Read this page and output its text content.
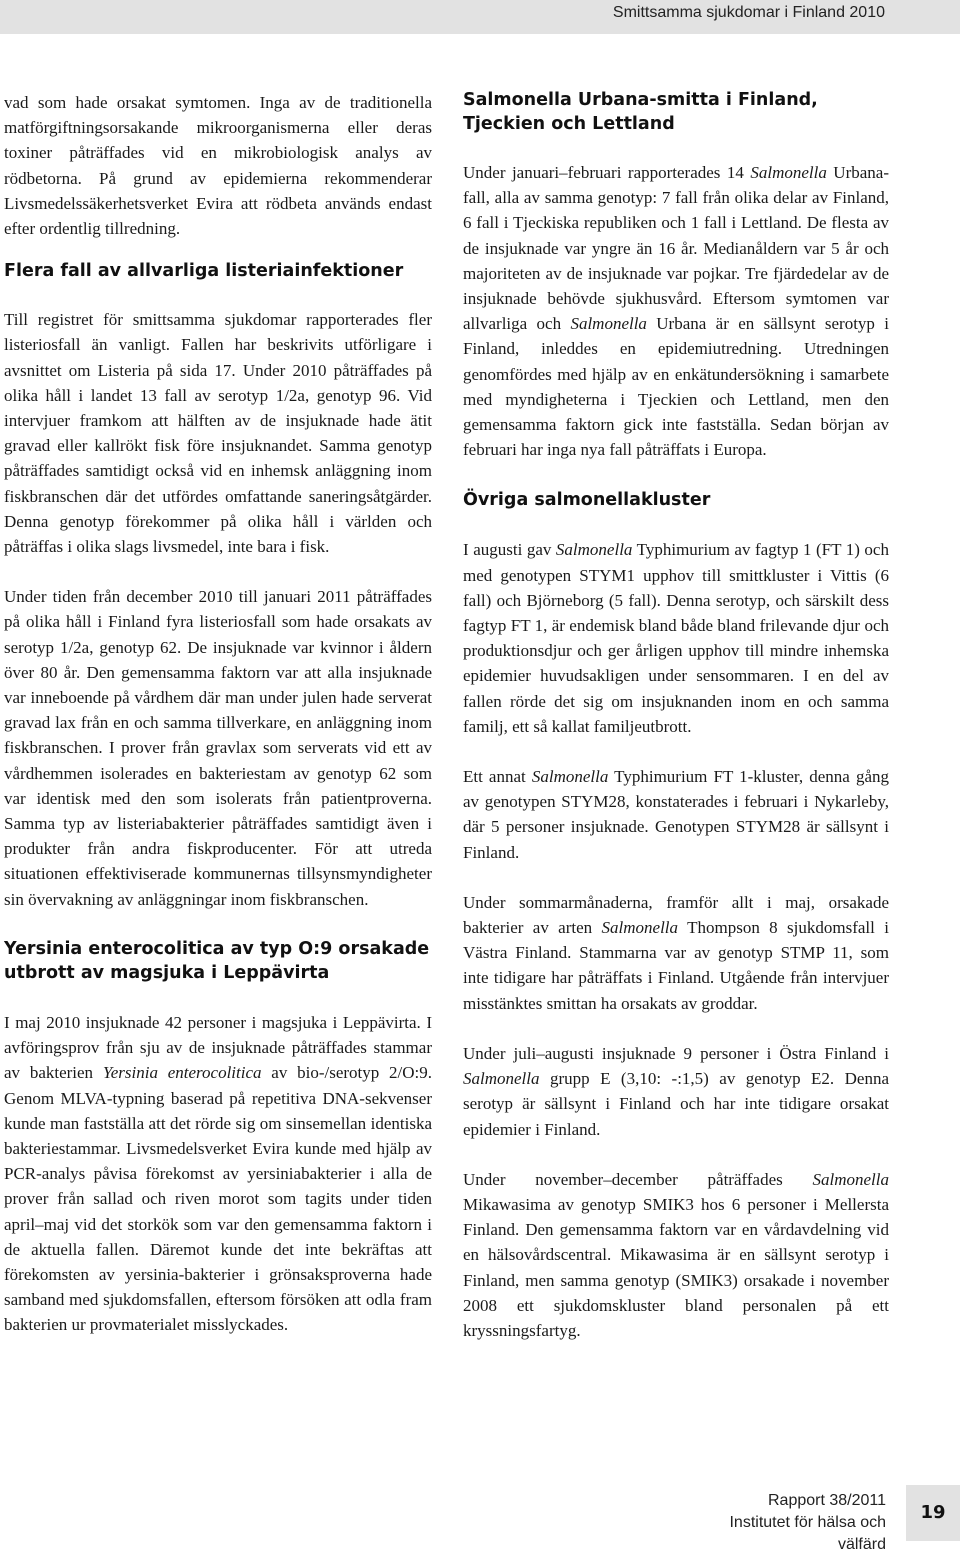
Smittsamma sjukdomar i Finland 2010

vad som hade orsakat symtomen. Inga av de traditionella matförgiftningsorsakande mikroorganismerna eller deras toxiner påträffades vid en mikrobiologisk analys av rödbetorna. På grund av epidemierna rekommenderar Livsmedelssäkerhetsverket Evira att rödbeta används endast efter ordentlig tillredning.

Flera fall av allvarliga listeriainfektioner

Till registret för smittsamma sjukdomar rapporterades fler listeriosfall än vanligt. Fallen har beskrivits utförligare i avsnittet om Listeria på sida 17. Under 2010 påträffades på olika håll i landet 13 fall av serotyp 1/2a, genotyp 96. Vid intervjuer framkom att hälften av de insjuknade hade ätit gravad eller kallrökt fisk före insjuknandet. Samma genotyp påträffades samtidigt också vid en inhemsk anläggning inom fiskbranschen där det utfördes omfattande saneringsåtgärder. Denna genotyp förekommer på olika håll i världen och påträffas i olika slags livsmedel, inte bara i fisk.

Under tiden från december 2010 till januari 2011 påträffades på olika håll i Finland fyra listeriosfall som hade orsakats av serotyp 1/2a, genotyp 62. De insjuknade var kvinnor i åldern över 80 år. Den gemensamma faktorn var att alla insjuknade var inneboende på vårdhem där man under julen hade serverat gravad lax från en och samma tillverkare, en anläggning inom fiskbranschen. I prover från gravlax som serverats vid ett av vårdhemmen isolerades en bakteriestam av genotyp 62 som var identisk med den som isolerats från patientproverna. Samma typ av listeriabakterier påträffades samtidigt även i produkter från andra fiskproducenter. För att utreda situationen effektiviserade kommunernas tillsynsmyndigheter sin övervakning av anläggningar inom fiskbranschen.

Yersinia enterocolitica av typ O:9 orsakade utbrott av magsjuka i Leppävirta

I maj 2010 insjuknade 42 personer i magsjuka i Leppävirta. I avföringsprov från sju av de insjuknade påträffades stammar av bakterien Yersinia enterocolitica av bio-/serotyp 2/O:9. Genom MLVA-typning baserad på repetitiva DNA-sekvenser kunde man fastställa att det rörde sig om sinsemellan identiska bakteriestammar. Livsmedelsverket Evira kunde med hjälp av PCR-analys påvisa förekomst av yersiniabakterier i alla de prover från sallad och riven morot som tagits under tiden april–maj vid det storkök som var den gemensamma faktorn i de aktuella fallen. Däremot kunde det inte bekräftas att förekomsten av yersinia-bakterier i grönsaksproverna hade samband med sjukdomsfallen, eftersom försöken att odla fram bakterien ur provmaterialet misslyckades.

Salmonella Urbana-smitta i Finland, Tjeckien och Lettland

Under januari–februari rapporterades 14 Salmonella Urbana-fall, alla av samma genotyp: 7 fall från olika delar av Finland, 6 fall i Tjeckiska republiken och 1 fall i Lettland. De flesta av de insjuknade var yngre än 16 år. Medianåldern var 5 år och majoriteten av de insjuknade var pojkar. Tre fjärdedelar av de insjuknade behövde sjukhusvård. Eftersom symtomen var allvarliga och Salmonella Urbana är en sällsynt serotyp i Finland, inleddes en epidemiutredning. Utredningen genomfördes med hjälp av en enkätundersökning i samarbete med myndigheterna i Tjeckien och Lettland, men den gemensamma faktorn gick inte fastställa. Sedan början av februari har inga nya fall påträffats i Europa.

Övriga salmonellakluster

I augusti gav Salmonella Typhimurium av fagtyp 1 (FT 1) och med genotypen STYM1 upphov till smittkluster i Vittis (6 fall) och Björneborg (5 fall). Denna serotyp, och särskilt dess fagtyp FT 1, är endemisk bland både bland frilevande djur och produktionsdjur och ger årligen upphov till mindre inhemska epidemier huvudsakligen under sensommaren. I en del av fallen rörde det sig om insjuknanden inom en och samma familj, ett så kallat familjeutbrott.

Ett annat Salmonella Typhimurium FT 1-kluster, denna gång av genotypen STYM28, konstaterades i februari i Nykarleby, där 5 personer insjuknade. Genotypen STYM28 är sällsynt i Finland.

Under sommarmånaderna, framför allt i maj, orsakade bakterier av arten Salmonella Thompson 8 sjukdomsfall i Västra Finland. Stammarna var av genotyp STMP 11, som inte tidigare har påträffats i Finland. Utgående från intervjuer misstänktes smittan ha orsakats av groddar.

Under juli–augusti insjuknade 9 personer i Östra Finland i Salmonella grupp E (3,10: -:1,5) av genotyp E2. Denna serotyp är sällsynt i Finland och har inte tidigare orsakat epidemier i Finland.

Under november–december påträffades Salmonella Mikawasima av genotyp SMIK3 hos 6 personer i Mellersta Finland. Den gemensamma faktorn var en vårdavdelning vid en hälsovårdscentral. Mikawasima är en sällsynt serotyp i Finland, men samma genotyp (SMIK3) orsakade i november 2008 ett sjukdomskluster bland personalen på ett kryssningsfartyg.

Rapport 38/2011
Institutet för hälsa och välfärd
19
